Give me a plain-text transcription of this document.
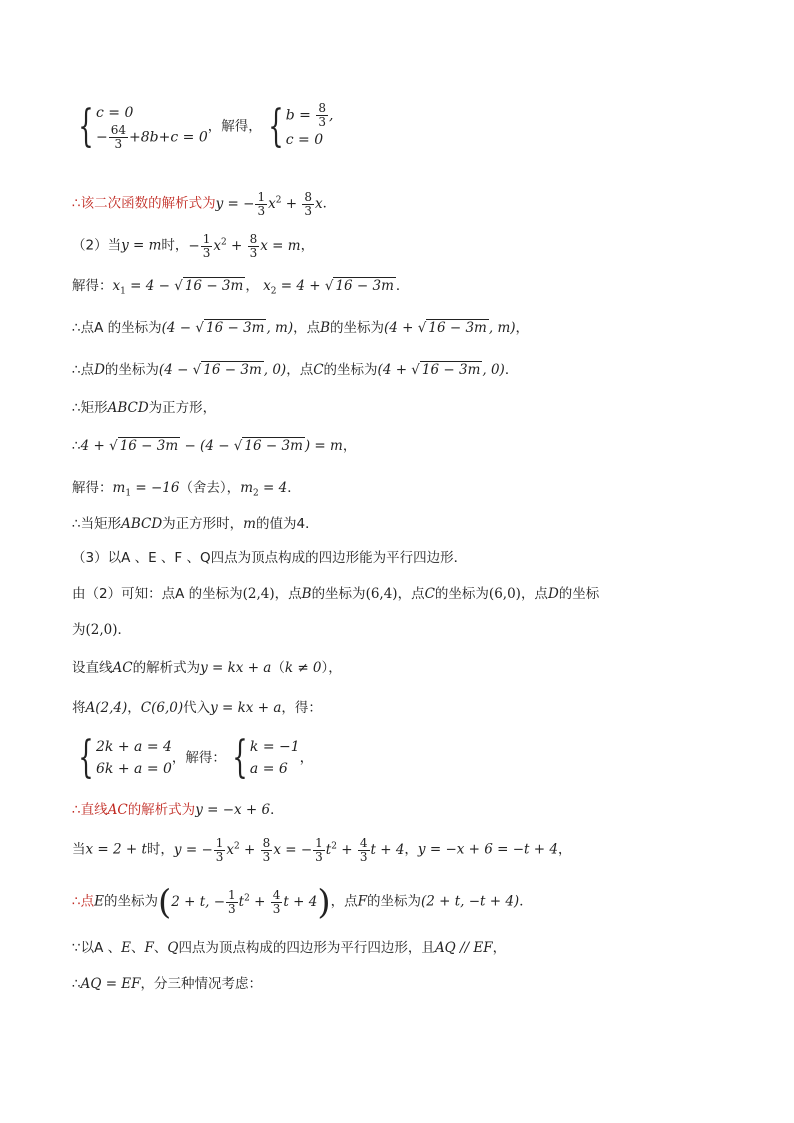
{ c = 0
− $\frac{64}{3} +8b+c = 0$，解得， { $b = \frac{8}{3}$ ,
c = 0
∴该二次函数的解析式为y = − $\frac{1}{3} x^2 + \frac{8}{3}$ x．
（2）当y = m时，− $\frac{1}{3} x^2 + \frac{8}{3}$ x = m，
解得：$x_1 = 4$ − √ 16 − 3m ， $x_2 = 4$ + √ 16 − 3m ．
∴点A 的坐标为(4 − √ 16 − 3m , m)，点B的坐标为(4 + √ 16 − 3m , m)，
∴点D的坐标为(4 − √ 16 − 3m , 0)，点C的坐标为(4 + √ 16 − 3m , 0)．
∴矩形ABCD为正方形，
∴4 + √ 16 − 3m − (4 − √ 16 − 3m ) = m，
解得：$m_1 = -16$（舍去），$m_2 = 4$．
∴当矩形ABCD为正方形时，m的值为4．
（3）以A 、E 、F 、Q四点为顶点构成的四边形能为平行四边形．
由（2）可知：点A 的坐标为(2,4)，点B的坐标为(6,4)，点C的坐标为(6,0)，点D的坐标
为(2,0)．
设直线AC的解析式为y = kx + a（k ≠ 0），
将A(2,4)，C(6,0)代入y = kx + a，得：
{ 2k + a = 4
6k + a = 0，解得： { k = −1
a = 6，
∴直线AC的解析式为y = −x + 6．
当x = 2 + t时，y = − $\frac{1}{3} x^2 + \frac{8}{3}$ x = − $\frac{1}{3} t^2 + \frac{4}{3}$ t + 4，y = −x + 6 = −t + 4，
∴点E的坐标为(2 + t, − $\frac{1}{3} t^2 + \frac{4}{3}$ t + 4)，点F的坐标为(2 + t, −t + 4)．
∵以A 、E、F、Q四点为顶点构成的四边形为平行四边形，且AQ // EF，
∴AQ = EF，分三种情况考虑：
